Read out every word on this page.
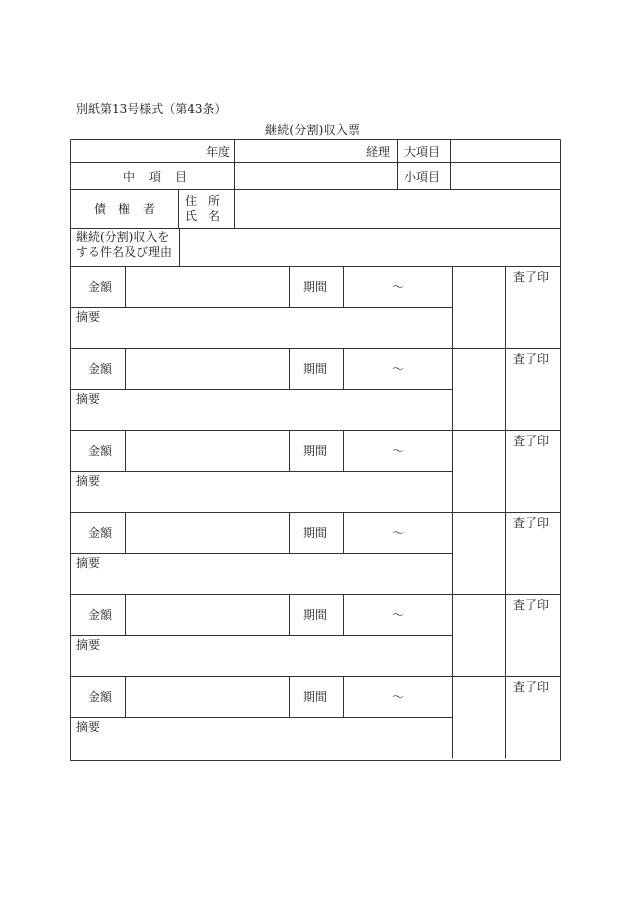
別紙第13号様式（第43条）
継続(分割)収入票
年度	経理 大項目
中 項 目	小項目
債 権 者
住 所
氏 名
継続(分割)収入を
する件名及び理由
金額	期間	～
摘要
査了印
金額	期間	～
摘要
査了印
金額	期間	～
摘要
査了印
金額	期間	～
摘要
査了印
金額	期間	～
摘要
査了印
金額	期間	～
摘要
査了印
